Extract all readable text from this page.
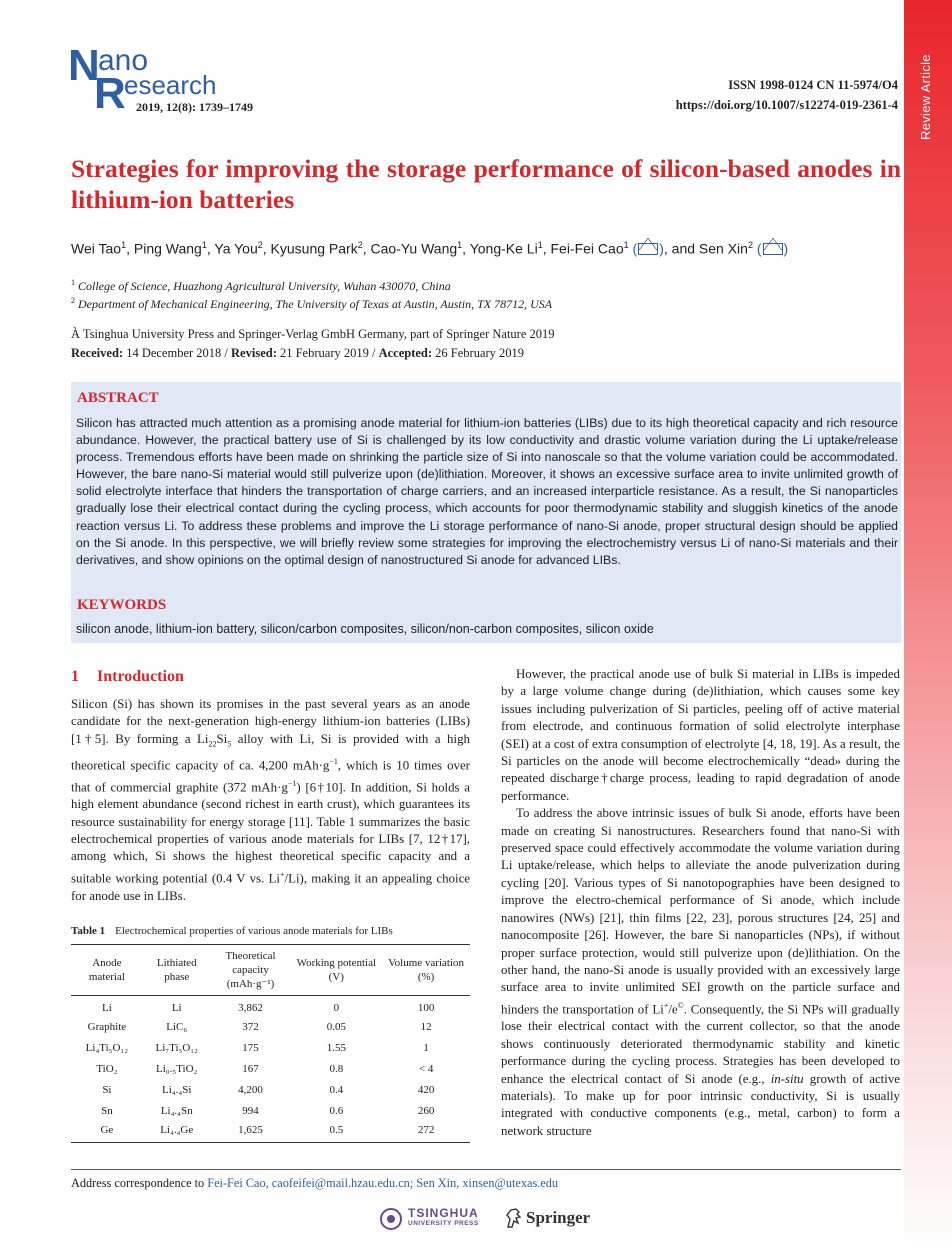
Review Article
N
ano
R
esearch
2019, 12(8): 1739–1749
ISSN 1998-0124 CN 11-5974/O4
https://doi.org/10.1007/s12274-019-2361-4
Strategies for improving the storage performance of silicon-based anodes in lithium-ion batteries
Wei Tao$^1$, Ping Wang$^1$, Ya You$^2$, Kyusung Park$^2$, Cao-Yu Wang$^1$, Yong-Ke Li$^1$, Fei-Fei Cao$^1$ ( ), and Sen Xin$^2$ ( )
$^1$ College of Science, Huazhong Agricultural University, Wuhan 430070, China
$^2$ Department of Mechanical Engineering, The University of Texas at Austin, Austin, TX 78712, USA
À Tsinghua University Press and Springer-Verlag GmbH Germany, part of Springer Nature 2019
Received: 14 December 2018 / Revised: 21 February 2019 / Accepted: 26 February 2019
ABSTRACT
Silicon has attracted much attention as a promising anode material for lithium-ion batteries (LIBs) due to its high theoretical capacity and rich resource abundance. However, the practical battery use of Si is challenged by its low conductivity and drastic volume variation during the Li uptake/release process. Tremendous efforts have been made on shrinking the particle size of Si into nanoscale so that the volume variation could be accommodated. However, the bare nano-Si material would still pulverize upon (de)lithiation. Moreover, it shows an excessive surface area to invite unlimited growth of solid electrolyte interface that hinders the transportation of charge carriers, and an increased interparticle resistance. As a result, the Si nanoparticles gradually lose their electrical contact during the cycling process, which accounts for poor thermodynamic stability and sluggish kinetics of the anode reaction versus Li. To address these problems and improve the Li storage performance of nano-Si anode, proper structural design should be applied on the Si anode. In this perspective, we will briefly review some strategies for improving the electrochemistry versus Li of nano-Si materials and their derivatives, and show opinions on the optimal design of nanostructured Si anode for advanced LIBs.
KEYWORDS
silicon anode, lithium-ion battery, silicon/carbon composites, silicon/non-carbon composites, silicon oxide
1 Introduction

Silicon (Si) has shown its promises in the past several years as an anode candidate for the next-generation high-energy lithium-ion batteries (LIBs) [1†5]. By forming a $Li_{22}Si_5$ alloy with Li, Si is provided with a high theoretical specific capacity of ca. 4,200 $mAh\cdot g^{-1}$, which is 10 times over that of commercial graphite (372 $mAh\cdot g^{-1}$) [6†10]. In addition, Si holds a high element abundance (second richest in earth crust), which guarantees its resource sustainability for energy storage [11]. Table 1 summarizes the basic electrochemical properties of various anode materials for LIBs [7, 12†17], among which, Si shows the highest theoretical specific capacity and a suitable working potential (0.4 V vs. Li+/Li), making it an appealing choice for anode use in LIBs.

Table 1 Electrochemical properties of various anode materials for LIBs
Anode material	Lithiated phase	Theoretical capacity (mAh·g⁻¹)	Working potential (V)	Volume variation (%)
Li	Li	3,862	0	100
Graphite	LiC₆	372	0.05	12
Li₄Ti₅O₁₂	Li₇Ti₅O₁₂	175	1.55	1
TiO₂	Li₀.₅TiO₂	167	0.8	< 4
Si	Li₄.₄Si	4,200	0.4	420
Sn	Li₄.₄Sn	994	0.6	260
Ge	Li₄.₄Ge	1,625	0.5	272

However, the practical anode use of bulk Si material in LIBs is impeded by a large volume change during (de)lithiation, which causes some key issues including pulverization of Si particles, peeling off of active material from electrode, and continuous formation of solid electrolyte interphase (SEI) at a cost of extra consumption of electrolyte [4, 18, 19]. As a result, the Si particles on the anode will become electrochemically “dead» during the repeated discharge†charge process, leading to rapid degradation of anode performance.

To address the above intrinsic issues of bulk Si anode, efforts have been made on creating Si nanostructures. Researchers found that nano-Si with preserved space could effectively accommodate the volume variation during Li uptake/release, which helps to alleviate the anode pulverization during cycling [20]. Various types of Si nanotopographies have been designed to improve the electro-chemical performance of Si anode, which include nanowires (NWs) [21], thin films [22, 23], porous structures [24, 25] and nanocomposite [26]. However, the bare Si nanoparticles (NPs), if without proper surface protection, would still pulverize upon (de)lithiation. On the other hand, the nano-Si anode is usually provided with an excessively large surface area to invite unlimited SEI growth on the particle surface and hinders the transportation of Li+/e©. Consequently, the Si NPs will gradually lose their electrical contact with the current collector, so that the anode shows continuously deteriorated thermodynamic stability and kinetic performance during the cycling process. Strategies has been developed to enhance the electrical contact of Si anode (e.g., in-situ growth of active materials). To make up for poor intrinsic conductivity, Si is usually integrated with conductive components (e.g., metal, carbon) to form a network structure

Address correspondence to Fei-Fei Cao, caofeifei@mail.hzau.edu.cn; Sen Xin, xinsen@utexas.edu
TSINGHUA
UNIVERSITY PRESS	Springer
